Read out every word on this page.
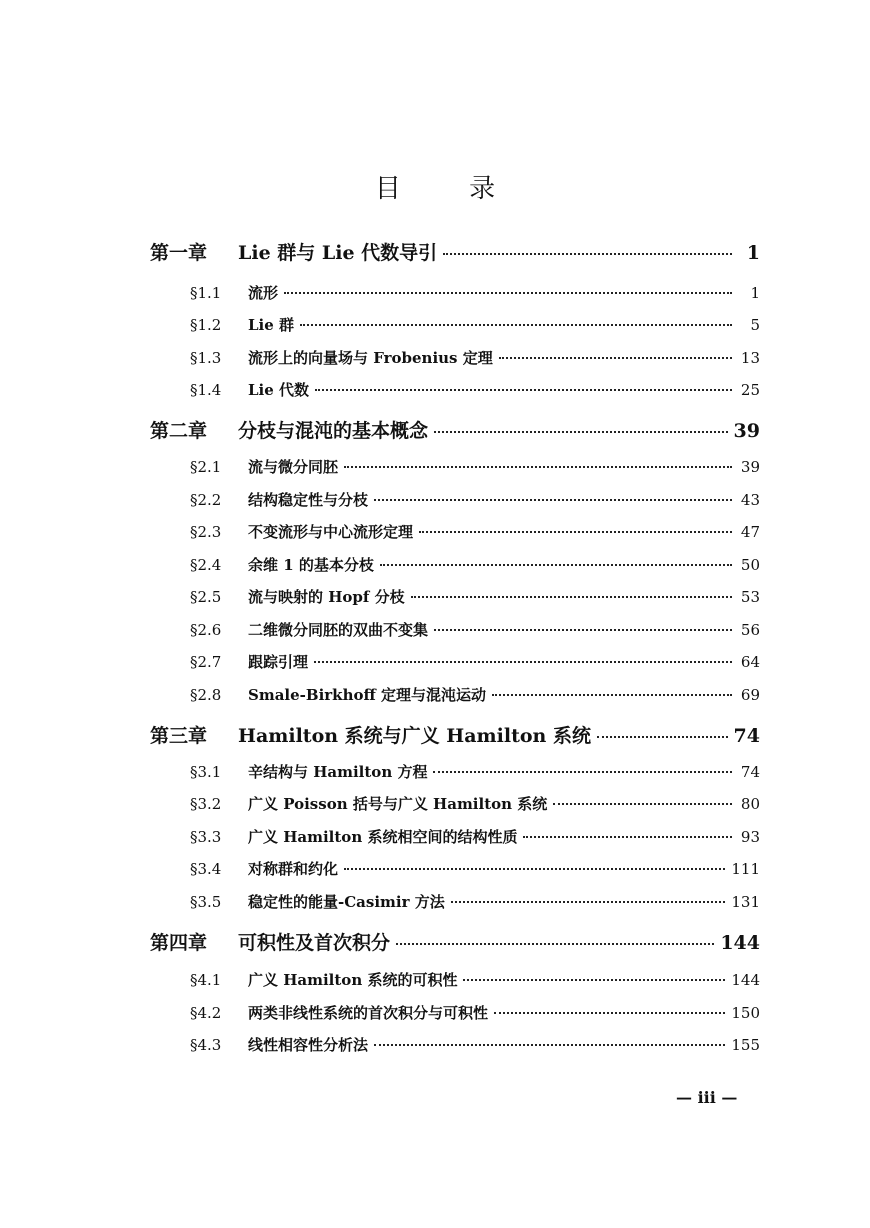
目 录
第一章	Lie 群与 Lie 代数导引	1
§1.1	流形	1
§1.2	Lie 群	5
§1.3	流形上的向量场与 Frobenius 定理	13
§1.4	Lie 代数	25
第二章	分枝与混沌的基本概念	39
§2.1	流与微分同胚	39
§2.2	结构稳定性与分枝	43
§2.3	不变流形与中心流形定理	47
§2.4	余维 1 的基本分枝	50
§2.5	流与映射的 Hopf 分枝	53
§2.6	二维微分同胚的双曲不变集	56
§2.7	跟踪引理	64
§2.8	Smale-Birkhoff 定理与混沌运动	69
第三章	Hamilton 系统与广义 Hamilton 系统	74
§3.1	辛结构与 Hamilton 方程	74
§3.2	广义 Poisson 括号与广义 Hamilton 系统	80
§3.3	广义 Hamilton 系统相空间的结构性质	93
§3.4	对称群和约化	111
§3.5	稳定性的能量-Casimir 方法	131
第四章	可积性及首次积分	144
§4.1	广义 Hamilton 系统的可积性	144
§4.2	两类非线性系统的首次积分与可积性	150
§4.3	线性相容性分析法	155
— iii —
